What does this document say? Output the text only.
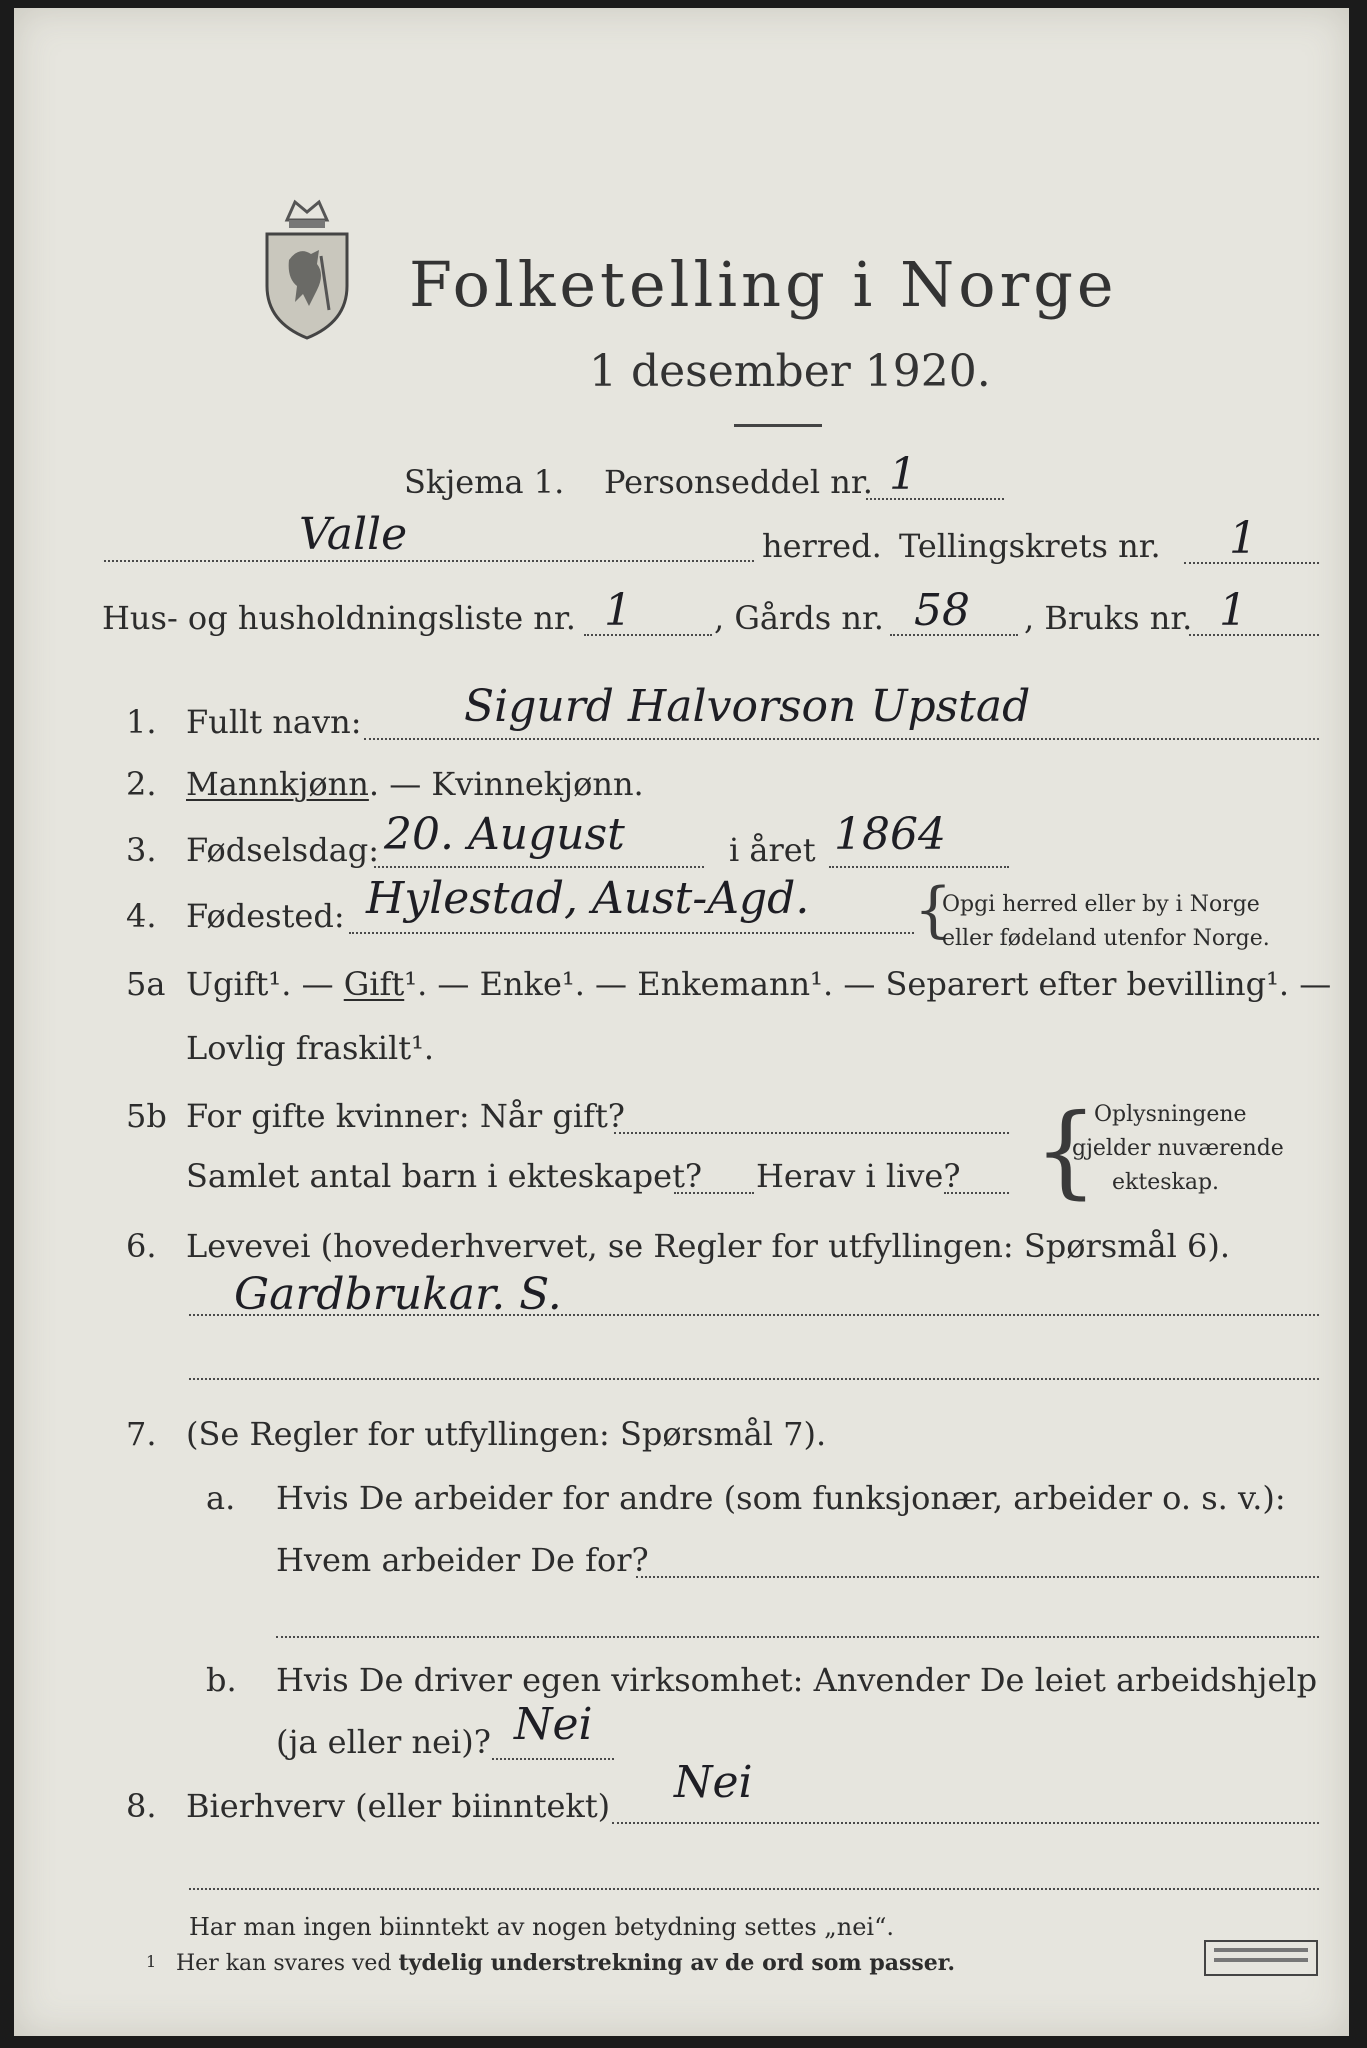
Folketelling i Norge
1 desember 1920.
Skjema 1. Personseddel nr. 1
Valle	herred. Tellingskrets nr. 1
Hus- og husholdningsliste nr. 1	, Gårds nr. 58 , Bruks nr. 1
1. Fullt navn: Sigurd Halvorson Upstad
2. Mannkjønn. — Kvinnekjønn.
3. Fødselsdag: 20. August	i året 1864
4. Fødested: Hylestad, Aust-Agd. {
Opgi herred eller by i Norge
eller fødeland utenfor Norge.
5a Ugift¹. — Gift¹. — Enke¹. — Enkemann¹. — Separert efter bevilling¹. —
Lovlig fraskilt¹.
5b For gifte kvinner: Når gift?
Samlet antal barn i ekteskapet? Herav i live? {
Oplysningene
gjelder nuværende
ekteskap.
6. Levevei (hovederhvervet, se Regler for utfyllingen: Spørsmål 6).
Gardbrukar. S.
7. (Se Regler for utfyllingen: Spørsmål 7).
a. Hvis De arbeider for andre (som funksjonær, arbeider o. s. v.):
Hvem arbeider De for?
b. Hvis De driver egen virksomhet: Anvender De leiet arbeidshjelp
(ja eller nei)? Nei
8. Bierhverv (eller biinntekt) Nei
Har man ingen biinntekt av nogen betydning settes „nei“.
1 Her kan svares ved tydelig understrekning av de ord som passer.
